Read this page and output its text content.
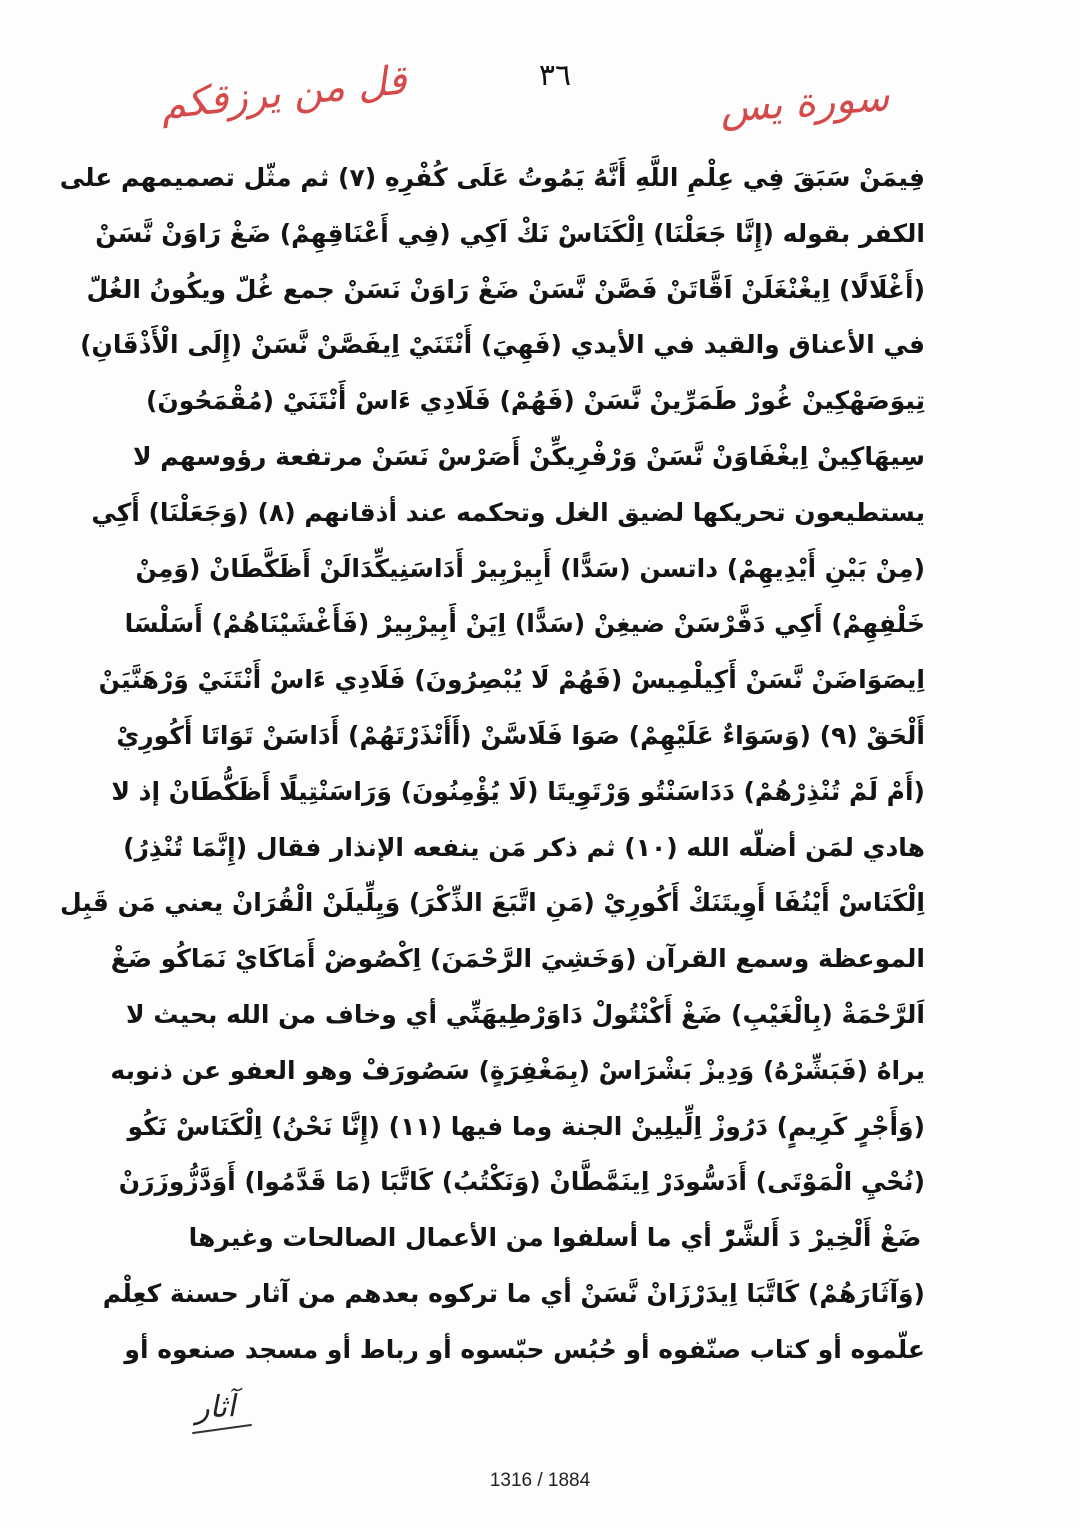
٣٦
قل من يرزقكم	سورة يس
فِيمَنْ سَبَقَ فِي عِلْمِ اللَّهِ أَنَّهُ يَمُوتُ عَلَى كُفْرِهِ (٧) ثم مثّل تصميمهم على
الكفر بقوله (إِنَّا جَعَلْنَا) اِلْكَنَاسْ نَكْ اَكِي (فِي أَعْنَاقِهِمْ) ضَغْ رَاوَنْ نَّسَنْ
(أَغْلَالًا) اِيغْنْغَلَنْ اَقَّاتَنْ فَصَّنْ نَّسَنْ ضَغْ رَاوَنْ نَسَنْ جمع غُلّ ويكُونُ الغُلّ
في الأعناق والقيد في الأيدي (فَهِيَ) أَنْتَنَيْ اِيفَصَّنْ نَّسَنْ (إِلَى الْأَذْقَانِ)
تِيوَصَهْكِينْ غُورْ طَمَرِّينْ نَّسَنْ (فَهُمْ) فَلَادِي ءَاسْ أَنْتَنَيْ (مُقْمَحُونَ)
سِيهَاكِينْ اِيغْفَاوَنْ نَّسَنْ وَرْفْرِيكِّنْ أَصَرْسْ نَسَنْ مرتفعة رؤوسهم لا
يستطيعون تحريكها لضيق الغل وتحكمه عند أذقانهم (٨) (وَجَعَلْنَا) أَكِي
(مِنْ بَيْنِ أَيْدِيهِمْ) داتسن (سَدًّا) أَبِيرْبِيرْ أَدَاسَنِيكِّدَالَنْ أَظَكَّطَانْ (وَمِنْ
خَلْفِهِمْ) أَكِي دَفَّرْسَنْ ضيغِنْ (سَدًّا) اِيَنْ أَبِيرْبِيرْ (فَأَغْشَيْنَاهُمْ) أَسَلْسَا
اِيصَوَاضَنْ نَّسَنْ أَكِيلْمِيسْ (فَهُمْ لَا يُبْصِرُونَ) فَلَادِي ءَاسْ أَنْتَنَيْ وَرْهَنَّيَنْ
أَلْحَقْ (٩) (وَسَوَاءٌ عَلَيْهِمْ) صَوَا فَلَاسَّنْ (أَأَنْذَرْتَهُمْ) أَدَاسَنْ تَوَاتَا أَكُورِيْ
(أَمْ لَمْ تُنْذِرْهُمْ) دَدَاسَنْتُو وَرْتَوِيتَا (لَا يُؤْمِنُونَ) وَرَاسَنْتِيلًا أَظَكُّطَانْ إذ لا
هادي لمَن أضلّه الله (١٠) ثم ذكر مَن ينفعه الإنذار فقال (إِنَّمَا تُنْذِرُ)
اِلْكَنَاسْ أَيْنُفَا أَوِيتَنَكْ أَكُورِيْ (مَنِ اتَّبَعَ الذِّكْرَ) وَيِلِّيلَنْ الْقُرَانْ يعني مَن قَبِل
الموعظة وسمع القرآن (وَخَشِيَ الرَّحْمَنَ) اِكْصُوضْ أَمَاكَايْ نَمَاكُو ضَغْ
اَلرَّحْمَةْ (بِالْغَيْبِ) ضَغْ أَكْنْتُولْ دَاوَرْطِيهَنِّي أي وخاف من الله بحيث لا
يراهُ (فَبَشِّرْهُ) وَدِيزْ بَشْرَاسْ (بِمَغْفِرَةٍ) سَصُورَفْ وهو العفو عن ذنوبه
(وَأَجْرٍ كَرِيمٍ) دَرُوزْ اِلِّيلِينْ الجنة وما فيها (١١) (إِنَّا نَحْنُ) اِلْكَنَاسْ نَكُو
(نُحْيِ الْمَوْتَى) أَدَسُّودَرْ اِينَمَّطَّانْ (وَنَكْتُبُ) كَاتَّبَا (مَا قَدَّمُوا) أَوَدَّزُّوزَرَنْ
ضَغْ أَلْخِيرْ دَ أَلشَّرّْ أي ما أسلفوا من الأعمال الصالحات وغيرها
(وَآثَارَهُمْ) كَاتَّبَا اِيدَرْزَانْ نَّسَنْ أي ما تركوه بعدهم من آثار حسنة كعِلْم
علّموه أو كتاب صنّفوه أو حُبُس حبّسوه أو رباط أو مسجد صنعوه أو
آثار
1316 / 1884
